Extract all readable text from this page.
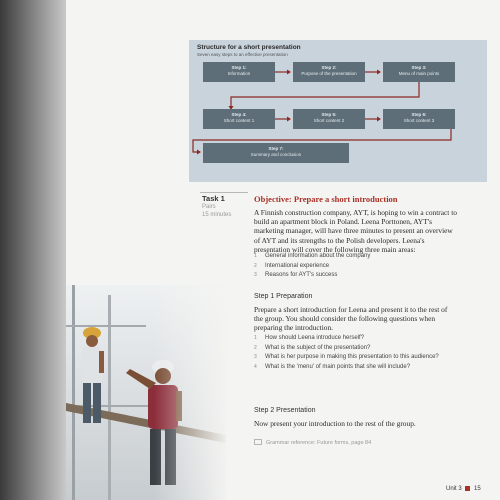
Structure for a short presentation
Seven easy steps to an effective presentation
Step 1:
Information
Step 2:
Purpose of the presentation
Step 3:
Menu of main points
Step 4:
Short content 1
Step 5:
Short content 2
Step 6:
Short content 3
Step 7:
Summary and conclusion
Task 1
Pairs
15 minutes
Objective: Prepare a short introduction
A Finnish construction company, AYT, is hoping to win a contract to
build an apartment block in Poland. Leena Porttonen, AYT's
marketing manager, will have three minutes to present an overview
of AYT and its strengths to the Polish developers. Leena's
presentation will cover the following three main areas:
1 General information about the company
2 International experience
3 Reasons for AYT's success
Step 1 Preparation
Prepare a short introduction for Leena and present it to the rest of
the group. You should consider the following questions when
preparing the introduction.
1 How should Leena introduce herself?
2 What is the subject of the presentation?
3 What is her purpose in making this presentation to this audience?
4 What is the 'menu' of main points that she will include?
Step 2 Presentation
Now present your introduction to the rest of the group.
Grammar reference: Future forms, page 84
Unit 3 15
